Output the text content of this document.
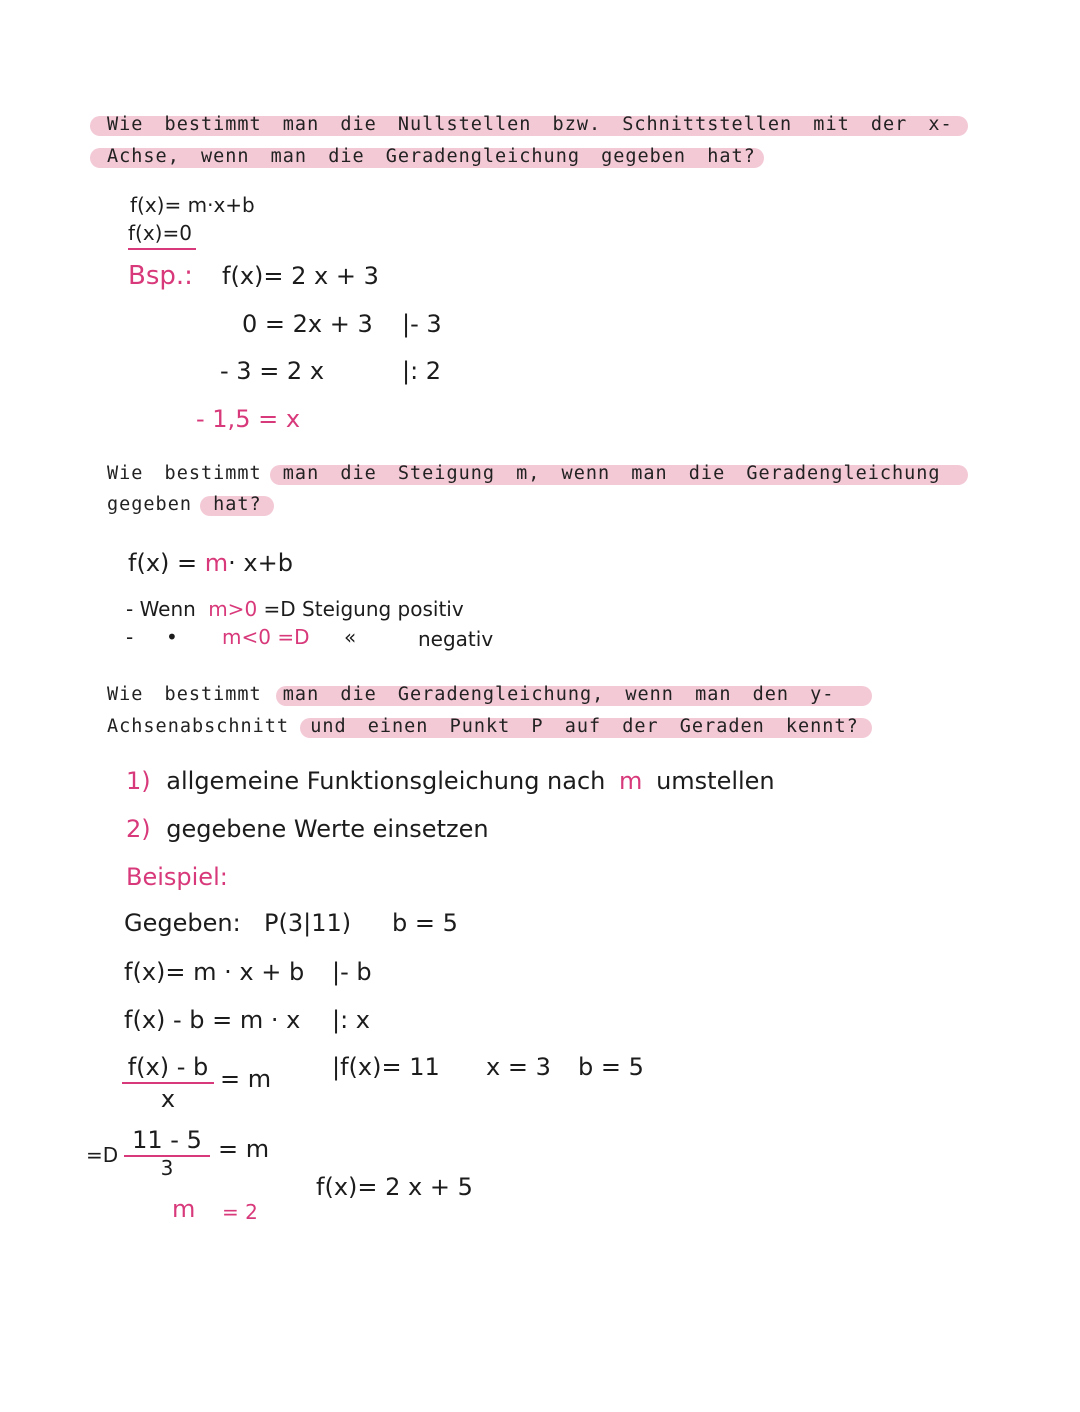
Wie bestimmt man die Nullstellen bzw. Schnittstellen mit der x-
Achse, wenn man die Geradengleichung gegeben hat?
f(x)= m·x+b
f(x)=0
Bsp.: f(x)= 2 x + 3
0 = 2x + 3 |- 3
- 3 = 2 x	|: 2
- 1,5 = x
Wie bestimmt man die Steigung m, wenn man die Geradengleichung
gegeben hat?
f(x) = m· x+b
- Wenn m>0 =D Steigung positiv
- • m<0 =D «	negativ
Wie bestimmt man die Geradengleichung, wenn man den y-
Achsenabschnitt und einen Punkt P auf der Geraden kennt?
1) allgemeine Funktionsgleichung nach m umstellen
2) gegebene Werte einsetzen
Beispiel:
Gegeben: P(3|11) b = 5
f(x)= m · x + b |- b
f(x) - b = m · x |: x
$\frac{f(x) - b}{x} = m$	|f(x)= 11 x = 3 b = 5
=D
11 - 5
3
= m
m = 2
f(x)= 2 x + 5
